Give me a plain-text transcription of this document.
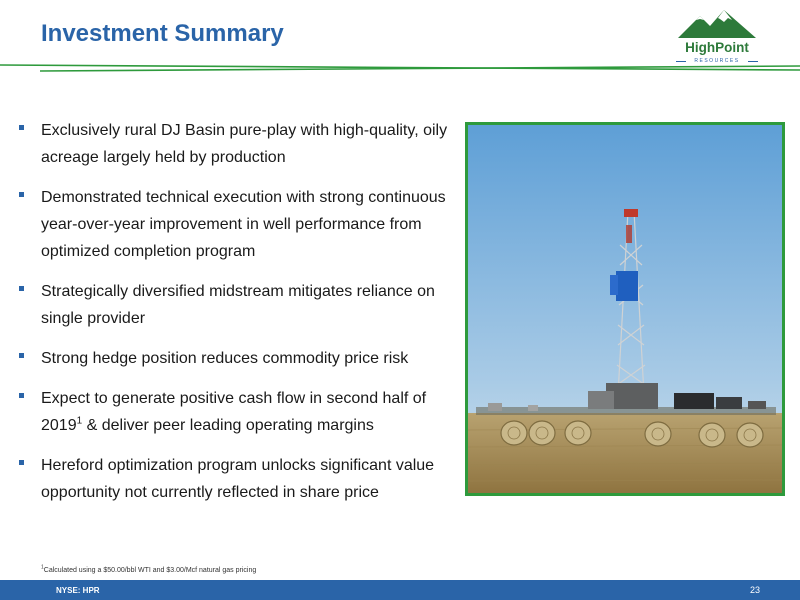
Investment Summary
HighPoint
RESOURCES
Exclusively rural DJ Basin pure-play with high-quality, oily acreage largely held by production
Demonstrated technical execution with strong continuous year-over-year improvement in well performance from optimized completion program
Strategically diversified midstream mitigates reliance on single provider
Strong hedge position reduces commodity price risk
Expect to generate positive cash flow in second half of 2019$^1$ & deliver peer leading operating margins
Hereford optimization program unlocks significant value opportunity not currently reflected in share price
$^1$Calculated using a $50.00/bbl WTI and $3.00/Mcf natural gas pricing
NYSE: HPR	23
